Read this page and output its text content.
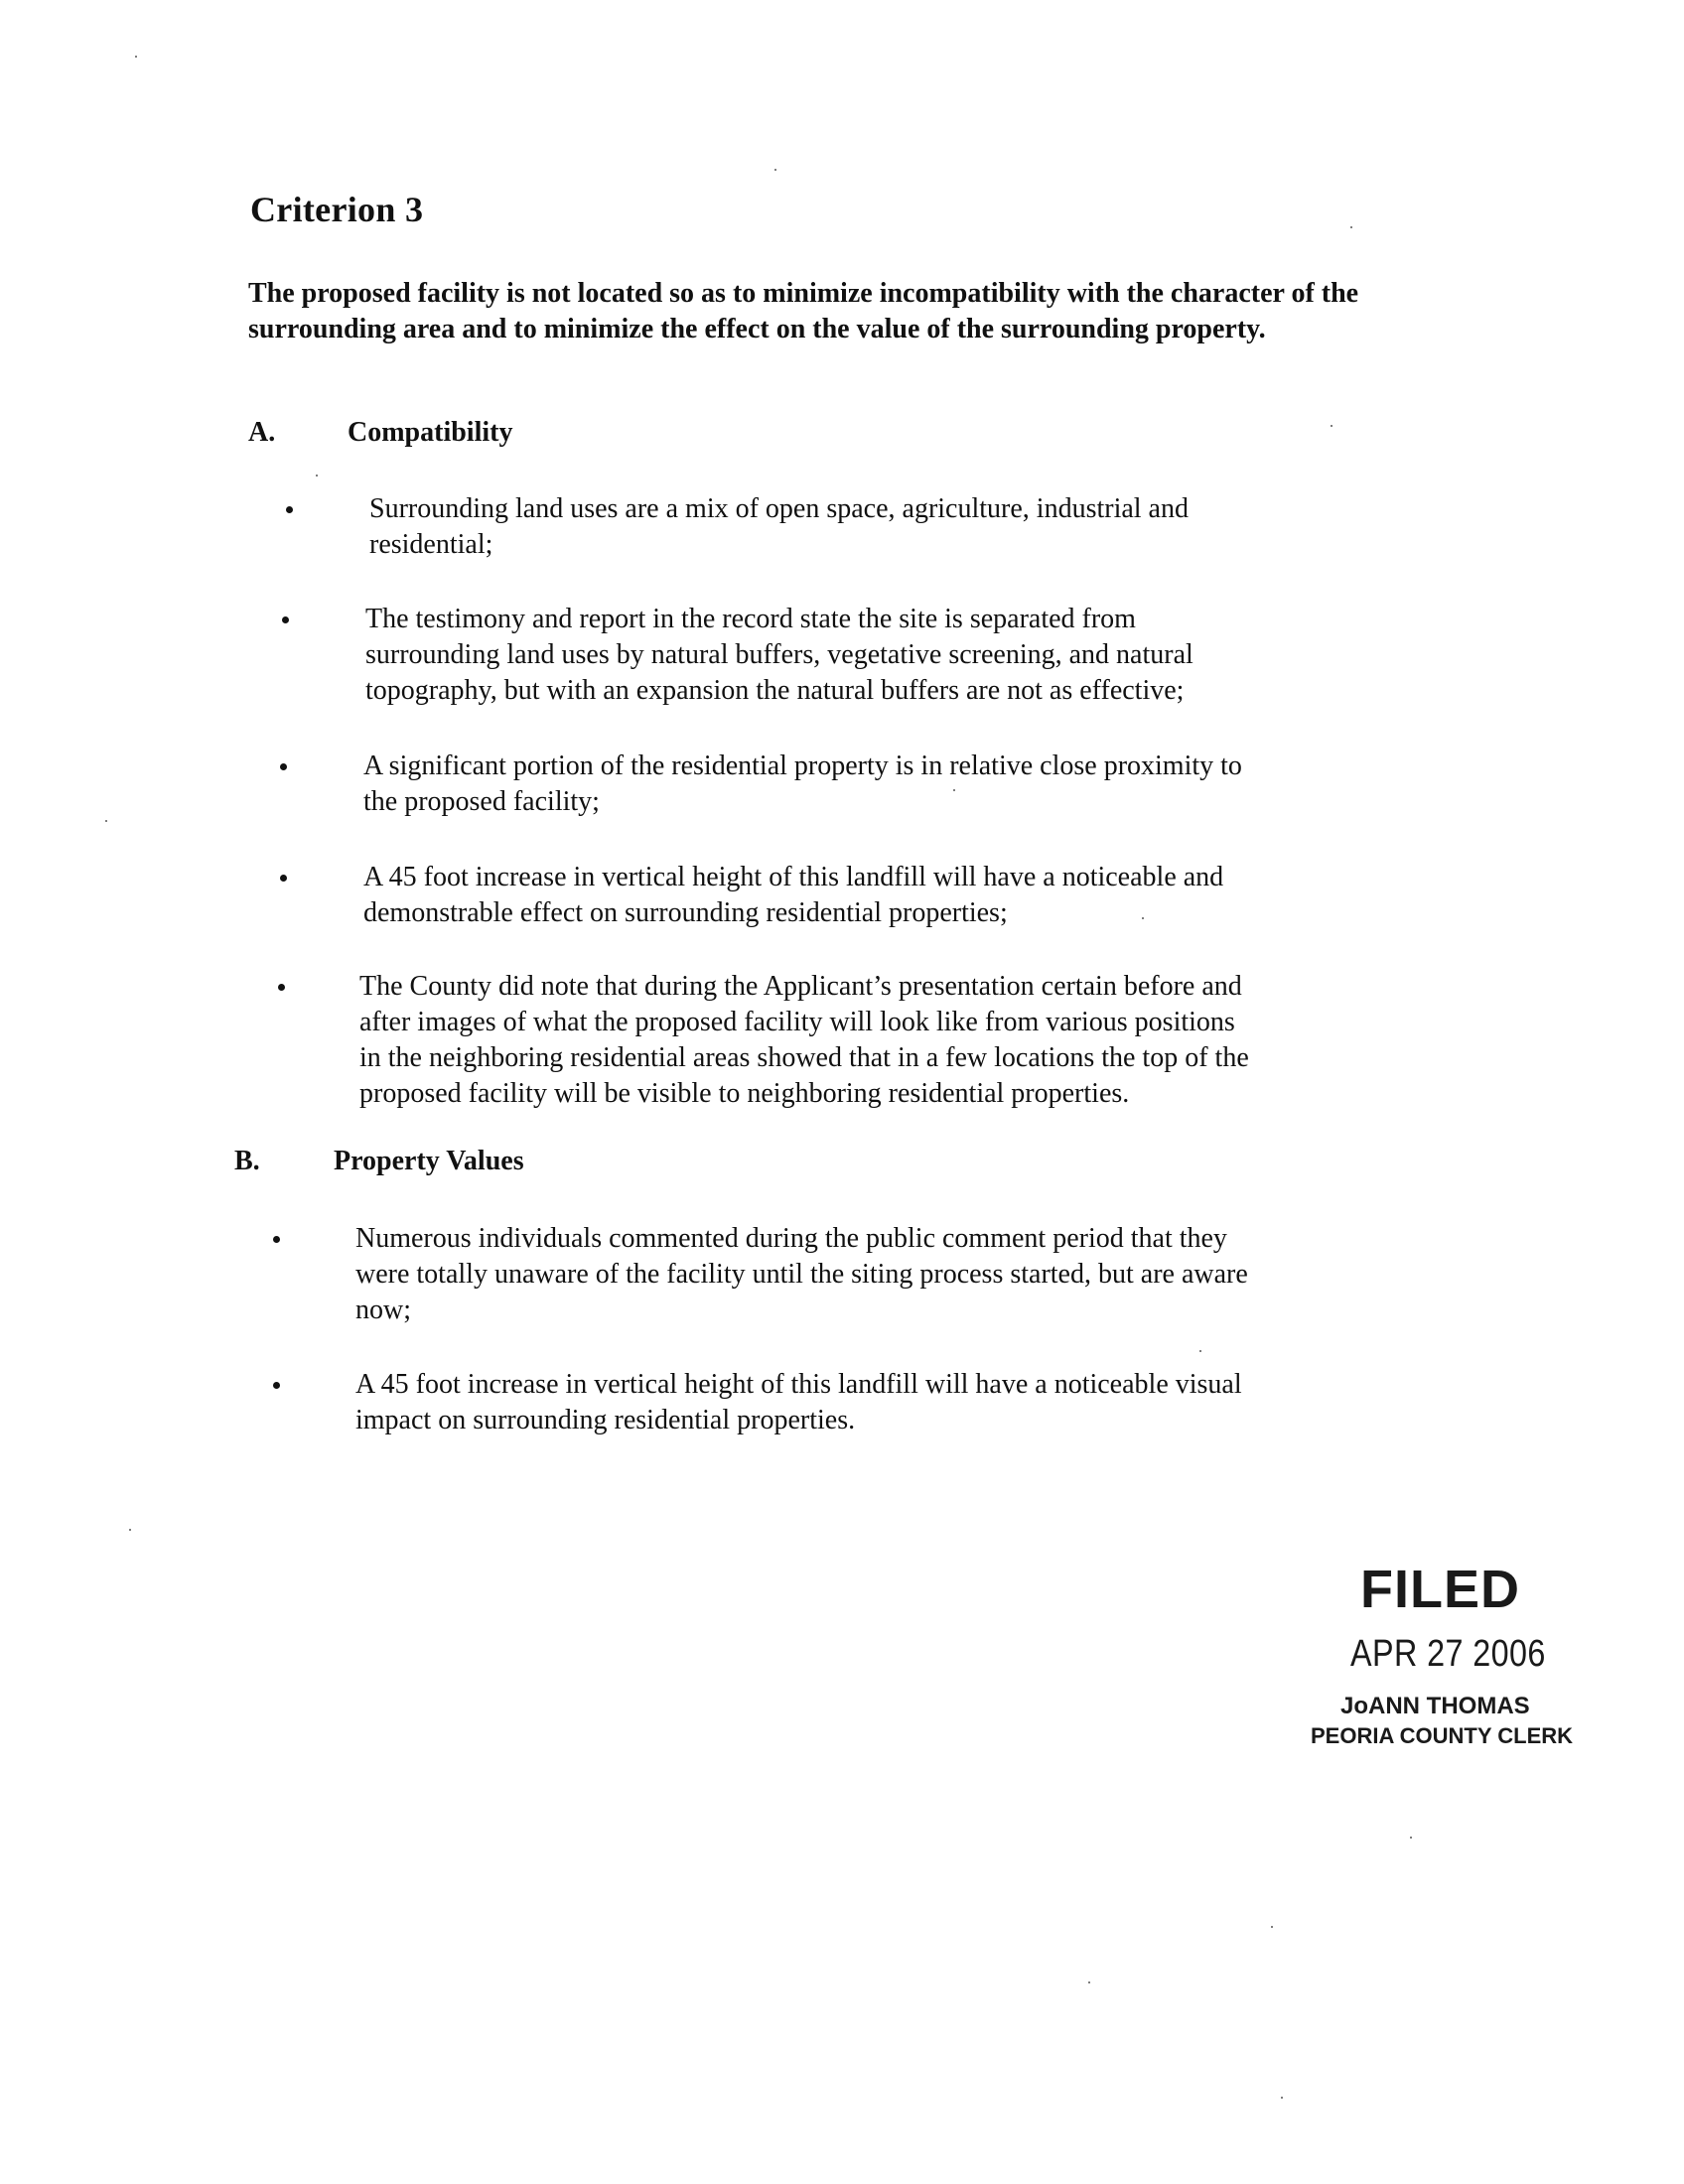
Criterion 3
The proposed facility is not located so as to minimize incompatibility with the character of the surrounding area and to minimize the effect on the value of the surrounding property.
A.	Compatibility
Surrounding land uses are a mix of open space, agriculture, industrial and
residential;
The testimony and report in the record state the site is separated from
surrounding land uses by natural buffers, vegetative screening, and natural
topography, but with an expansion the natural buffers are not as effective;
A significant portion of the residential property is in relative close proximity to
the proposed facility;
A 45 foot increase in vertical height of this landfill will have a noticeable and
demonstrable effect on surrounding residential properties;
The County did note that during the Applicant’s presentation certain before and
after images of what the proposed facility will look like from various positions
in the neighboring residential areas showed that in a few locations the top of the
proposed facility will be visible to neighboring residential properties.
B.	Property Values
Numerous individuals commented during the public comment period that they
were totally unaware of the facility until the siting process started, but are aware
now;
A 45 foot increase in vertical height of this landfill will have a noticeable visual
impact on surrounding residential properties.
FILED
APR 27 2006
JoANN THOMAS
PEORIA COUNTY CLERK
